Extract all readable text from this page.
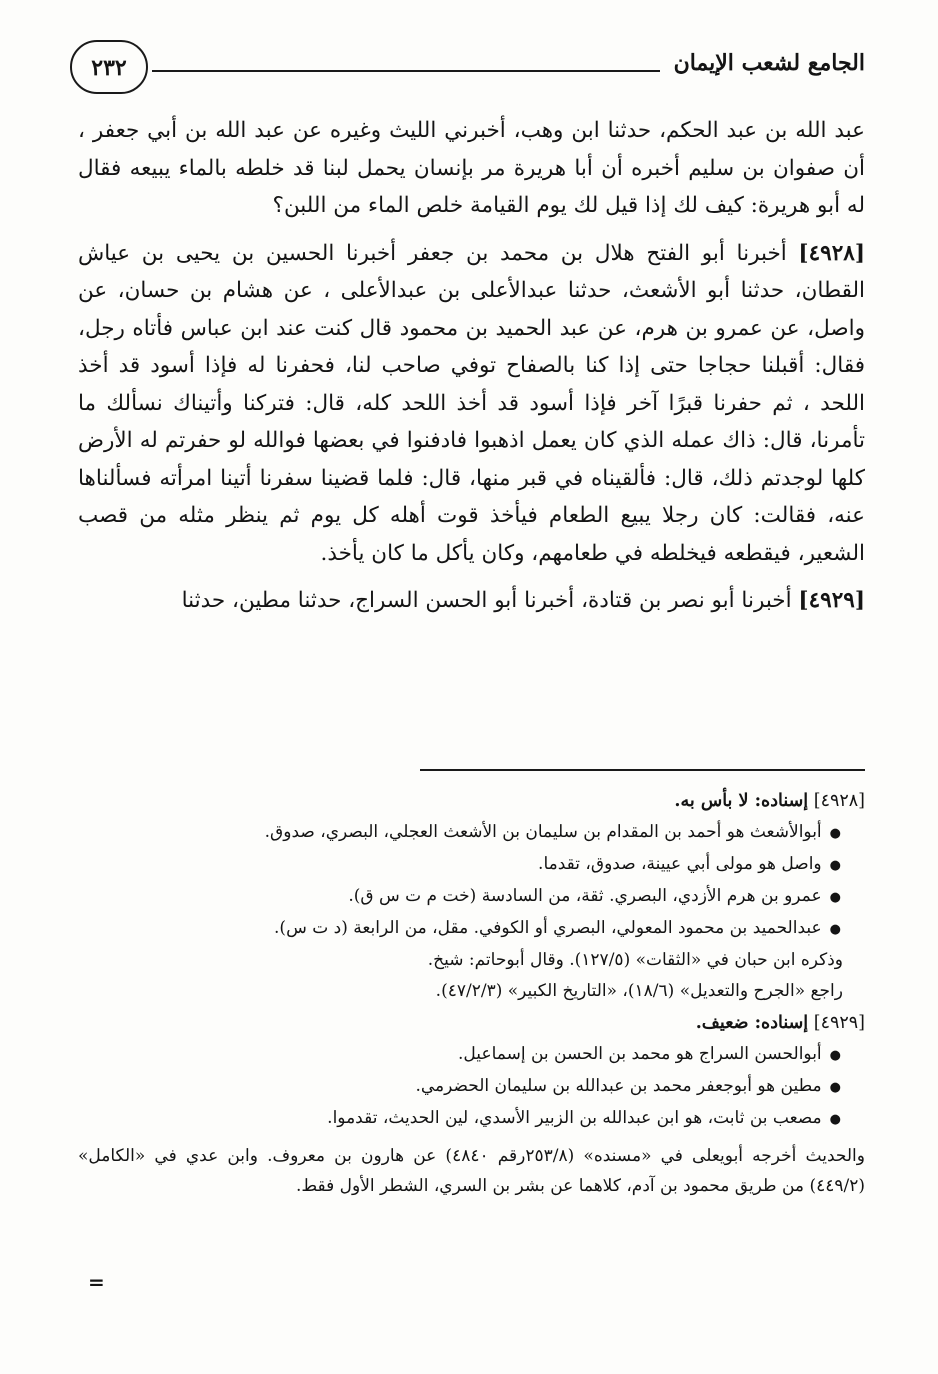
٢٣٢	الجامع لشعب الإيمان

عبد الله بن عبد الحكم، حدثنا ابن وهب، أخبرني الليث وغيره عن عبد الله بن أبي جعفر ، أن صفوان بن سليم أخبره أن أبا هريرة مر بإنسان يحمل لبنا قد خلطه بالماء يبيعه فقال له أبو هريرة: كيف لك إذا قيل لك يوم القيامة خلص الماء من اللبن؟

[٤٩٢٨] أخبرنا أبو الفتح هلال بن محمد بن جعفر أخبرنا الحسين بن يحيى بن عياش القطان، حدثنا أبو الأشعث، حدثنا عبدالأعلى بن عبدالأعلى ، عن هشام بن حسان، عن واصل، عن عمرو بن هرم، عن عبد الحميد بن محمود قال كنت عند ابن عباس فأتاه رجل، فقال: أقبلنا حجاجا حتى إذا كنا بالصفاح توفي صاحب لنا، فحفرنا له فإذا أسود قد أخذ اللحد ، ثم حفرنا قبرًا آخر فإذا أسود قد أخذ اللحد كله، قال: فتركنا وأتيناك نسألك ما تأمرنا، قال: ذاك عمله الذي كان يعمل اذهبوا فادفنوا في بعضها فوالله لو حفرتم له الأرض كلها لوجدتم ذلك، قال: فألقيناه في قبر منها، قال: فلما قضينا سفرنا أتينا امرأته فسألناها عنه، فقالت: كان رجلا يبيع الطعام فيأخذ قوت أهله كل يوم ثم ينظر مثله من قصب الشعير، فيقطعه فيخلطه في طعامهم، وكان يأكل ما كان يأخذ.

[٤٩٢٩] أخبرنا أبو نصر بن قتادة، أخبرنا أبو الحسن السراج، حدثنا مطين، حدثنا

[٤٩٢٨] إسناده: لا بأس به.
●أبوالأشعث هو أحمد بن المقدام بن سليمان بن الأشعث العجلي، البصري، صدوق.
●واصل هو مولى أبي عيينة، صدوق، تقدما.
●عمرو بن هرم الأزدي، البصري. ثقة، من السادسة (خت م ت س ق).
●عبدالحميد بن محمود المعولي، البصري أو الكوفي. مقل، من الرابعة (د ت س).
وذكره ابن حبان في «الثقات» (١٢٧/٥). وقال أبوحاتم: شيخ.
راجع «الجرح والتعديل» (١٨/٦)، «التاريخ الكبير» (٤٧/٢/٣).
[٤٩٢٩] إسناده: ضعيف.
●أبوالحسن السراج هو محمد بن الحسن بن إسماعيل.
●مطين هو أبوجعفر محمد بن عبدالله بن سليمان الحضرمي.
●مصعب بن ثابت، هو ابن عبدالله بن الزبير الأسدي، لين الحديث، تقدموا.
والحديث أخرجه أبويعلى في «مسنده» (٢٥٣/٨رقم ٤٨٤٠) عن هارون بن معروف. وابن عدي في «الكامل» (٤٤٩/٢) من طريق محمود بن آدم، كلاهما عن بشر بن السري، الشطر الأول فقط.
=
